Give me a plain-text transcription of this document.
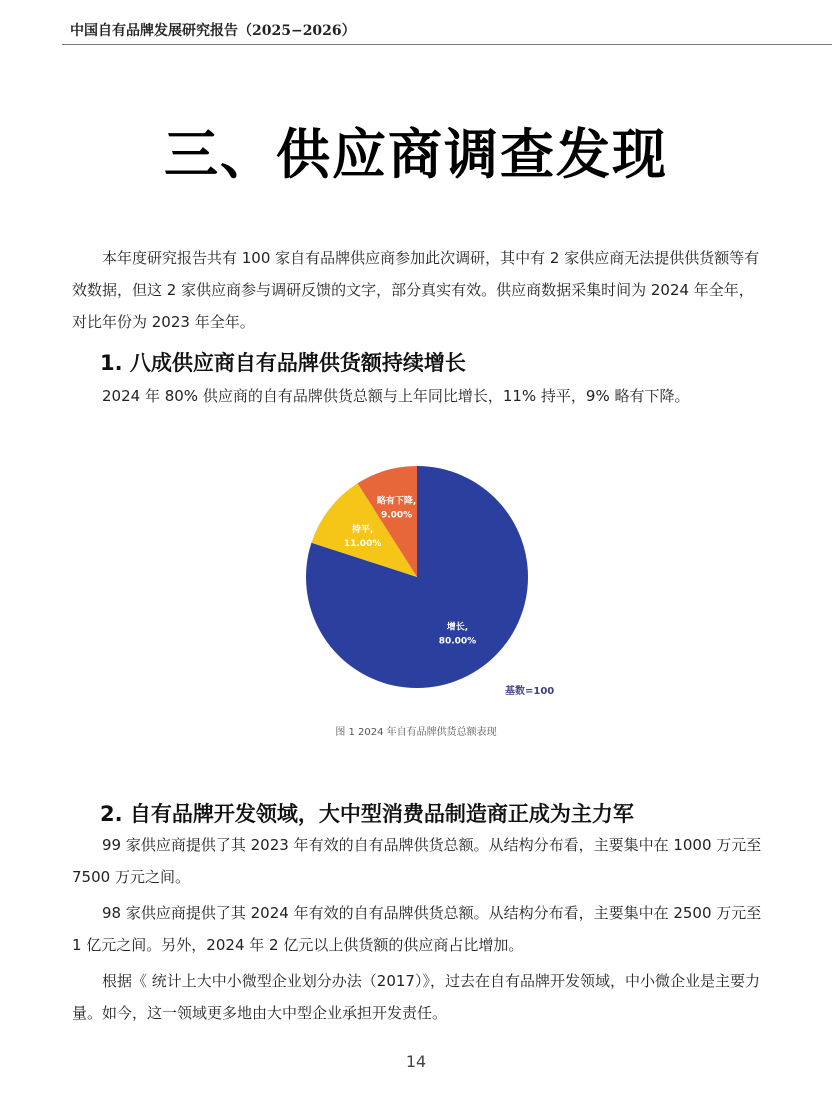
中国自有品牌发展研究报告（2025−2026）
三、供应商调查发现
本年度研究报告共有 100 家自有品牌供应商参加此次调研，其中有 2 家供应商无法提供供货额等有效数据，但这 2 家供应商参与调研反馈的文字，部分真实有效。供应商数据采集时间为 2024 年全年，对比年份为 2023 年全年。
1. 八成供应商自有品牌供货额持续增长
2024 年 80% 供应商的自有品牌供货总额与上年同比增长，11% 持平，9% 略有下降。
增长,
80.00%
持平,
11.00%
略有下降,
9.00%
基数=100
图 1 2024 年自有品牌供货总额表现
2. 自有品牌开发领域，大中型消费品制造商正成为主力军
99 家供应商提供了其 2023 年有效的自有品牌供货总额。从结构分布看，主要集中在 1000 万元至 7500 万元之间。
98 家供应商提供了其 2024 年有效的自有品牌供货总额。从结构分布看，主要集中在 2500 万元至 1 亿元之间。另外，2024 年 2 亿元以上供货额的供应商占比增加。
根据《 统计上大中小微型企业划分办法（2017）》，过去在自有品牌开发领域，中小微企业是主要力量。如今，这一领域更多地由大中型企业承担开发责任。
14
